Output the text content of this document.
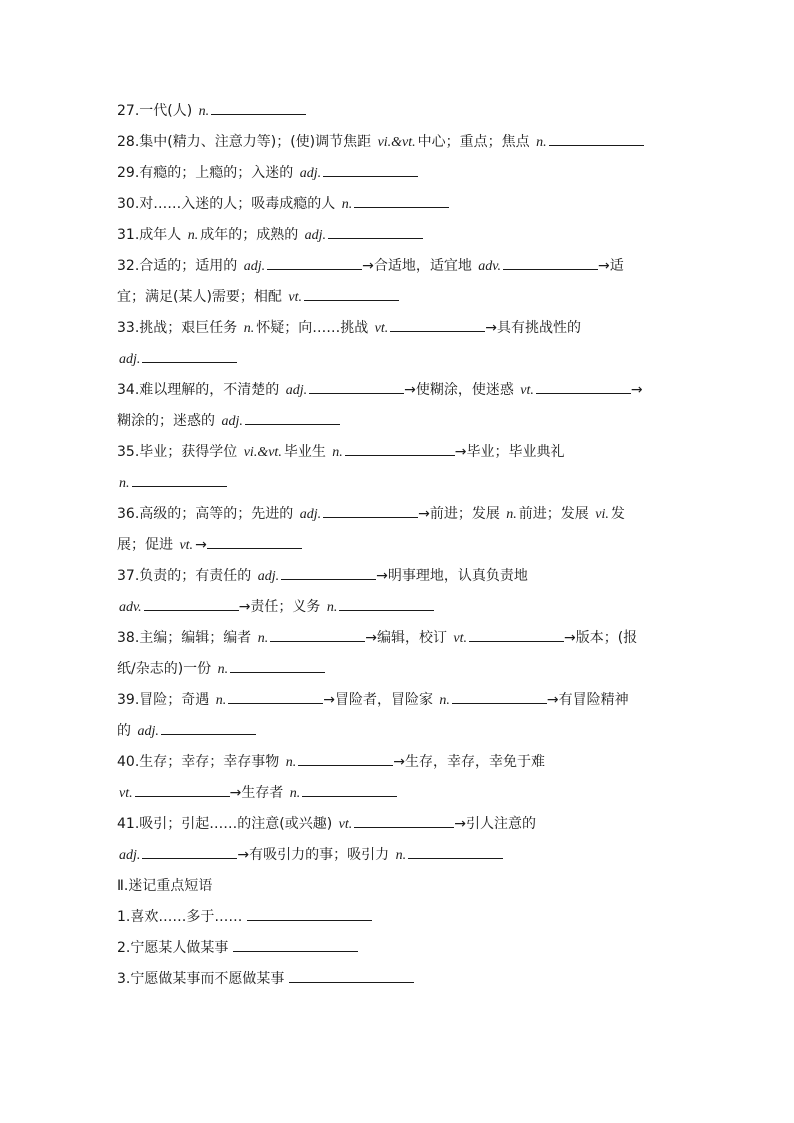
27.一代(人) n.
28.集中(精力、注意力等)；(使)调节焦距 vi.&vt. 中心；重点；焦点 n.
29.有瘾的；上瘾的；入迷的 adj.
30.对……入迷的人；吸毒成瘾的人 n.
31.成年人 n. 成年的；成熟的 adj.
32.合适的；适用的 adj.	→合适地，适宜地 adv.	→适
宜；满足(某人)需要；相配 vt.
33.挑战；艰巨任务 n. 怀疑；向……挑战 vt.	→具有挑战性的
adj.
34.难以理解的，不清楚的 adj.	→使糊涂，使迷惑 vt.	→
糊涂的；迷惑的 adj.
35.毕业；获得学位 vi.&vt. 毕业生 n.	→毕业；毕业典礼
n.
36.高级的；高等的；先进的 adj.	→前进；发展 n. 前进；发展 vi. 发
展；促进 vt. →
37.负责的；有责任的 adj.	→明事理地，认真负责地
adv.	→责任；义务 n.
38.主编；编辑；编者 n.	→编辑，校订 vt.	→版本；(报
纸/杂志的)一份 n.
39.冒险；奇遇 n.	→冒险者，冒险家 n.	→有冒险精神
的 adj.
40.生存；幸存；幸存事物 n.	→生存，幸存，幸免于难
vt.	→生存者 n.
41.吸引；引起……的注意(或兴趣) vt.	→引人注意的
adj.	→有吸引力的事；吸引力 n.
Ⅱ.迷记重点短语
1.喜欢……多于……
2.宁愿某人做某事
3.宁愿做某事而不愿做某事
